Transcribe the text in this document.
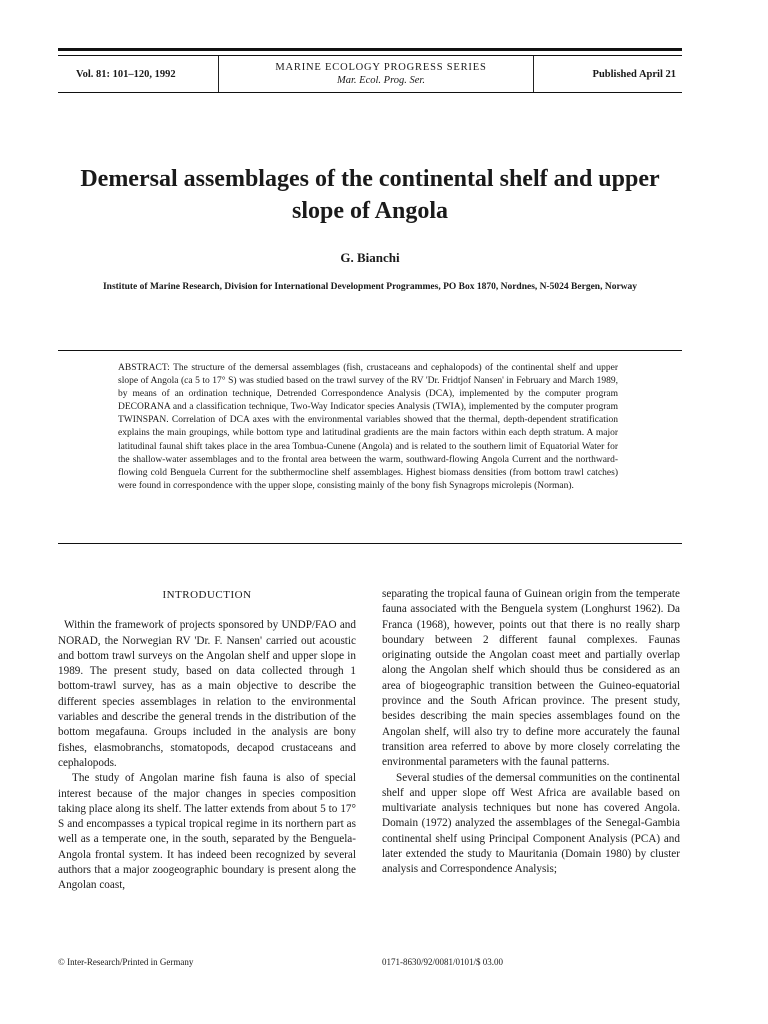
Vol. 81: 101–120, 1992
MARINE ECOLOGY PROGRESS SERIES
Mar. Ecol. Prog. Ser.
Published April 21
Demersal assemblages of the continental shelf and upper slope of Angola
G. Bianchi
Institute of Marine Research, Division for International Development Programmes, PO Box 1870, Nordnes, N-5024 Bergen, Norway
ABSTRACT: The structure of the demersal assemblages (fish, crustaceans and cephalopods) of the continental shelf and upper slope of Angola (ca 5 to 17° S) was studied based on the trawl survey of the RV 'Dr. Fridtjof Nansen' in February and March 1989, by means of an ordination technique, Detrended Correspondence Analysis (DCA), implemented by the computer program DECORANA and a classification technique, Two-Way Indicator species Analysis (TWIA), implemented by the computer program TWINSPAN. Correlation of DCA axes with the environmental variables showed that the thermal, depth-dependent stratification explains the main groupings, while bottom type and latitudinal gradients are the main factors within each depth stratum. A major latitudinal faunal shift takes place in the area Tombua-Cunene (Angola) and is related to the southern limit of Equatorial Water for the shallow-water assemblages and to the frontal area between the warm, southward-flowing Angola Current and the northward-flowing cold Benguela Current for the subthermocline shelf assemblages. Highest biomass densities (from bottom trawl catches) were found in correspondence with the upper slope, consisting mainly of the bony fish Synagrops microlepis (Norman).
INTRODUCTION

Within the framework of projects sponsored by UNDP/FAO and NORAD, the Norwegian RV 'Dr. F. Nansen' carried out acoustic and bottom trawl surveys on the Angolan shelf and upper slope in 1989. The present study, based on data collected through 1 bottom-trawl survey, has as a main objective to describe the different species assemblages in relation to the environmental variables and describe the general trends in the distribution of the bottom megafauna. Groups included in the analysis are bony fishes, elasmobranchs, stomatopods, decapod crustaceans and cephalopods.

The study of Angolan marine fish fauna is also of special interest because of the major changes in species composition taking place along its shelf. The latter extends from about 5 to 17° S and encompasses a typical tropical regime in its northern part as well as a temperate one, in the south, separated by the Benguela-Angola frontal system. It has indeed been recognized by several authors that a major zoogeographic boundary is present along the Angolan coast,

separating the tropical fauna of Guinean origin from the temperate fauna associated with the Benguela system (Longhurst 1962). Da Franca (1968), however, points out that there is no really sharp boundary between 2 different faunal complexes. Faunas originating outside the Angolan coast meet and partially overlap along the Angolan shelf which should thus be considered as an area of biogeographic transition between the Guineo-equatorial province and the South African province. The present study, besides describing the main species assemblages found on the Angolan shelf, will also try to define more accurately the faunal transition area referred to above by more closely correlating the environmental parameters with the faunal patterns.

Several studies of the demersal communities on the continental shelf and upper slope off West Africa are available based on multivariate analysis techniques but none has covered Angola. Domain (1972) analyzed the assemblages of the Senegal-Gambia continental shelf using Principal Component Analysis (PCA) and later extended the study to Mauritania (Domain 1980) by cluster analysis and Correspondence Analysis;

© Inter-Research/Printed in Germany	0171-8630/92/0081/0101/$ 03.00
